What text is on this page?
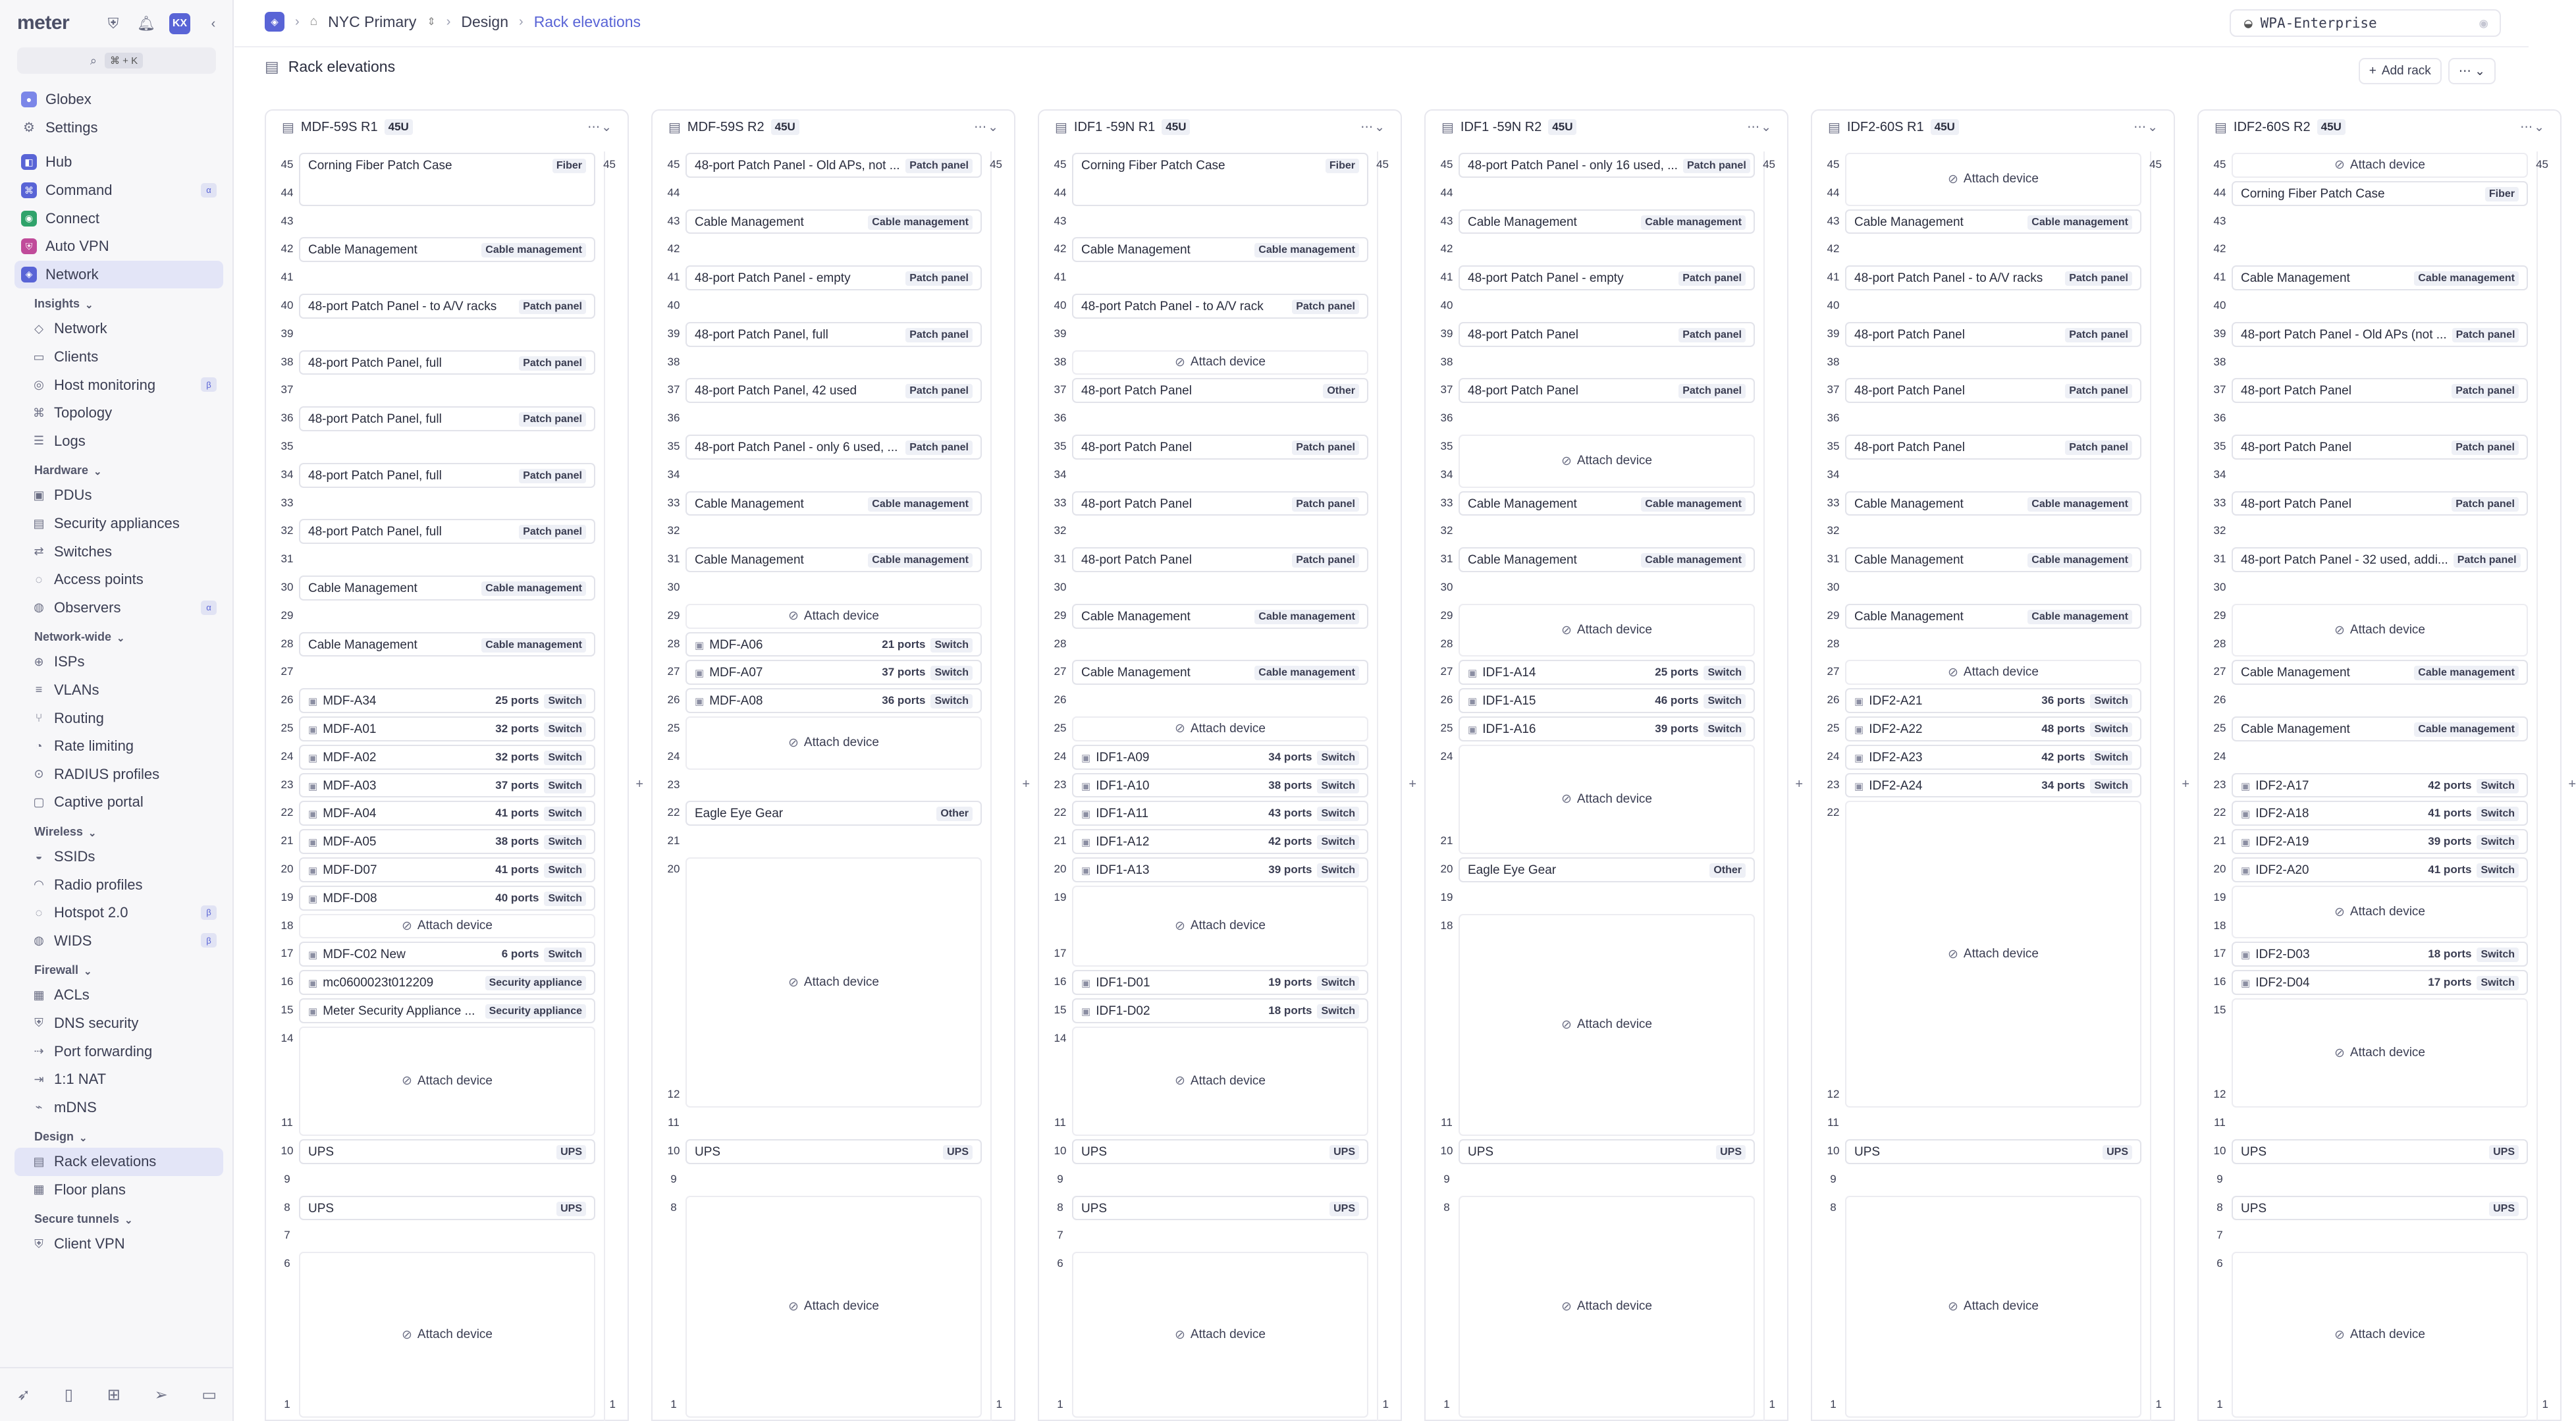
meter	⛨	🔔︎	KX	‹
⌕	⌘ + K
● Globex
⚙ Settings
◧ Hub
⌘ Command	α
◉ Connect
⛨ Auto VPN
◈ Network
Insights ⌄
◇ Network
▭ Clients
◎ Host monitoring	β
⌘ Topology
☰ Logs
Hardware ⌄
▣ PDUs
▤ Security appliances
⇄ Switches
◌ Access points
◍ Observers	α
Network-wide ⌄
⊕ ISPs
≡ VLANs
⑂ Routing
◔ Rate limiting
⊙ RADIUS profiles
▢ Captive portal
Wireless ⌄
◒ SSIDs
◠ Radio profiles
◌ Hotspot 2.0	β
◍ WIDS	β
Firewall ⌄
▦ ACLs
⛨ DNS security
⇢ Port forwarding
⇥ 1:1 NAT
⌁ mDNS
Design ⌄
▤ Rack elevations
▦ Floor plans
Secure tunnels ⌄
⛨ Client VPN
➶ ▯ ⊞ ➢ ▭
◈	› ⌂ NYC Primary ⇕ › Design › Rack elevations	◒ WPA-Enterprise	◉
▤ Rack elevations	+ Add rack ⋯ ⌄
▤ MDF-59S R1 45U	⋯⌄
45
44
43
42
41
40
39
38
37
36
35
34
33
32
31
30
29
28
27
26
25
24
23
22
21
20
19
18
17
16
15
14
11
10
9
8
7
6
1
45
1
+
Corning Fiber Patch Case	Fiber
Cable Management	Cable management
48-port Patch Panel - to A/V racks	Patch panel
48-port Patch Panel, full	Patch panel
48-port Patch Panel, full	Patch panel
48-port Patch Panel, full	Patch panel
48-port Patch Panel, full	Patch panel
Cable Management	Cable management
Cable Management	Cable management
▣ MDF-A34	25 ports Switch
▣ MDF-A01	32 ports Switch
▣ MDF-A02	32 ports Switch
▣ MDF-A03	37 ports Switch
▣ MDF-A04	41 ports Switch
▣ MDF-A05	38 ports Switch
▣ MDF-D07	41 ports Switch
▣ MDF-D08	40 ports Switch
⊘ Attach device
▣ MDF-C02 New	6 ports Switch
▣ mc0600023t012209	Security appliance
▣ Meter Security Appliance ...	Security appliance
⊘ Attach device
UPS	UPS
UPS	UPS
⊘ Attach device
▤ MDF-59S R2 45U	⋯⌄
45
44
43
42
41
40
39
38
37
36
35
34
33
32
31
30
29
28
27
26
25
24
23
22
21
20
12
11
10
9
8
1
45
1
+
48-port Patch Panel - Old APs, not ... Patch panel
Cable Management	Cable management
48-port Patch Panel - empty	Patch panel
48-port Patch Panel, full	Patch panel
48-port Patch Panel, 42 used	Patch panel
48-port Patch Panel - only 6 used, ...	Patch panel
Cable Management	Cable management
Cable Management	Cable management
⊘ Attach device
▣ MDF-A06	21 ports Switch
▣ MDF-A07	37 ports Switch
▣ MDF-A08	36 ports Switch
⊘ Attach device
Eagle Eye Gear	Other
⊘ Attach device
UPS	UPS
⊘ Attach device
▤ IDF1 -59N R1 45U	⋯⌄
45
44
43
42
41
40
39
38
37
36
35
34
33
32
31
30
29
28
27
26
25
24
23
22
21
20
19
17
16
15
14
11
10
9
8
7
6
1
45
1
+
Corning Fiber Patch Case	Fiber
Cable Management	Cable management
48-port Patch Panel - to A/V rack	Patch panel
⊘ Attach device
48-port Patch Panel	Other
48-port Patch Panel	Patch panel
48-port Patch Panel	Patch panel
48-port Patch Panel	Patch panel
Cable Management	Cable management
Cable Management	Cable management
⊘ Attach device
▣ IDF1-A09	34 ports Switch
▣ IDF1-A10	38 ports Switch
▣ IDF1-A11	43 ports Switch
▣ IDF1-A12	42 ports Switch
▣ IDF1-A13	39 ports Switch
⊘ Attach device
▣ IDF1-D01	19 ports Switch
▣ IDF1-D02	18 ports Switch
⊘ Attach device
UPS	UPS
UPS	UPS
⊘ Attach device
▤ IDF1 -59N R2 45U	⋯⌄
45
44
43
42
41
40
39
38
37
36
35
34
33
32
31
30
29
28
27
26
25
24
21
20
19
18
11
10
9
8
1
45
1
+
48-port Patch Panel - only 16 used, ... Patch panel
Cable Management	Cable management
48-port Patch Panel - empty	Patch panel
48-port Patch Panel	Patch panel
48-port Patch Panel	Patch panel
⊘ Attach device
Cable Management	Cable management
Cable Management	Cable management
⊘ Attach device
▣ IDF1-A14	25 ports Switch
▣ IDF1-A15	46 ports Switch
▣ IDF1-A16	39 ports Switch
⊘ Attach device
Eagle Eye Gear	Other
⊘ Attach device
UPS	UPS
⊘ Attach device
▤ IDF2-60S R1 45U	⋯⌄
45
44
43
42
41
40
39
38
37
36
35
34
33
32
31
30
29
28
27
26
25
24
23
22
12
11
10
9
8
1
45
1
+
⊘ Attach device
Cable Management	Cable management
48-port Patch Panel - to A/V racks	Patch panel
48-port Patch Panel	Patch panel
48-port Patch Panel	Patch panel
48-port Patch Panel	Patch panel
Cable Management	Cable management
Cable Management	Cable management
Cable Management	Cable management
⊘ Attach device
▣ IDF2-A21	36 ports Switch
▣ IDF2-A22	48 ports Switch
▣ IDF2-A23	42 ports Switch
▣ IDF2-A24	34 ports Switch
⊘ Attach device
UPS	UPS
⊘ Attach device
▤ IDF2-60S R2 45U	⋯⌄
45
44
43
42
41
40
39
38
37
36
35
34
33
32
31
30
29
28
27
26
25
24
23
22
21
20
19
18
17
16
15
12
11
10
9
8
7
6
1
45
1
+
⊘ Attach device
Corning Fiber Patch Case	Fiber
Cable Management	Cable management
48-port Patch Panel - Old APs (not ... Patch panel
48-port Patch Panel	Patch panel
48-port Patch Panel	Patch panel
48-port Patch Panel	Patch panel
48-port Patch Panel - 32 used, addi... Patch panel
⊘ Attach device
Cable Management	Cable management
Cable Management	Cable management
▣ IDF2-A17	42 ports Switch
▣ IDF2-A18	41 ports Switch
▣ IDF2-A19	39 ports Switch
▣ IDF2-A20	41 ports Switch
⊘ Attach device
▣ IDF2-D03	18 ports Switch
▣ IDF2-D04	17 ports Switch
⊘ Attach device
UPS	UPS
UPS	UPS
⊘ Attach device
